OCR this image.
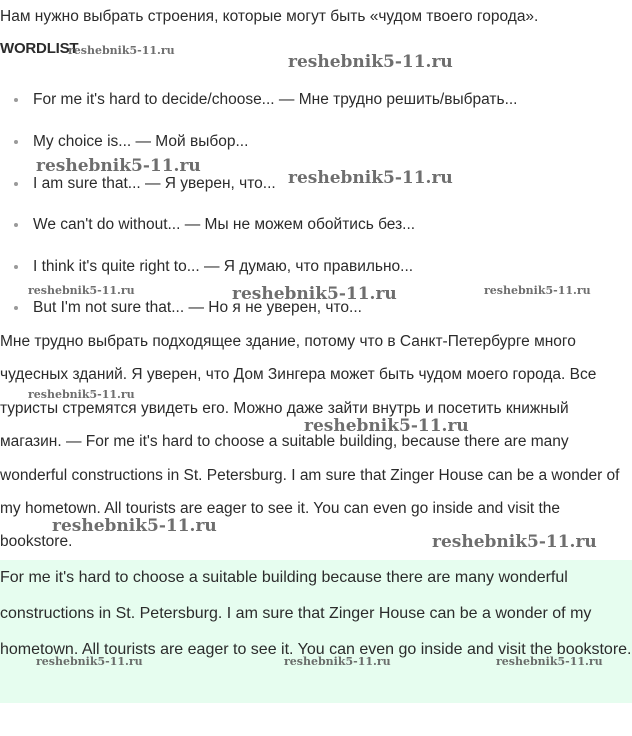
Нам нужно выбрать строения, которые могут быть «чудом твоего города».
WORDLIST
For me it's hard to decide/choose... — Мне трудно решить/выбрать...
My choice is... — Мой выбор...
I am sure that... — Я уверен, что...
We can't do without... — Мы не можем обойтись без...
I think it's quite right to... — Я думаю, что правильно...
But I'm not sure that... — Но я не уверен, что...

Мне трудно выбрать подходящее здание, потому что в Санкт-Петербурге много чудесных зданий. Я уверен, что Дом Зингера может быть чудом моего города. Все туристы стремятся увидеть его. Можно даже зайти внутрь и посетить книжный магазин. — For me it's hard to choose a suitable building, because there are many wonderful constructions in St. Petersburg. I am sure that Zinger House can be a wonder of my hometown. All tourists are eager to see it. You can even go inside and visit the bookstore.

For me it's hard to choose a suitable building because there are many wonderful constructions in St. Petersburg. I am sure that Zinger House can be a wonder of my hometown. All tourists are eager to see it. You can even go inside and visit the bookstore.

reshebnik5-11.ru
reshebnik5-11.ru
reshebnik5-11.ru
reshebnik5-11.ru
reshebnik5-11.ru	reshebnik5-11.ru	reshebnik5-11.ru
reshebnik5-11.ru
reshebnik5-11.ru
reshebnik5-11.ru
reshebnik5-11.ru
reshebnik5-11.ru	reshebnik5-11.ru	reshebnik5-11.ru
